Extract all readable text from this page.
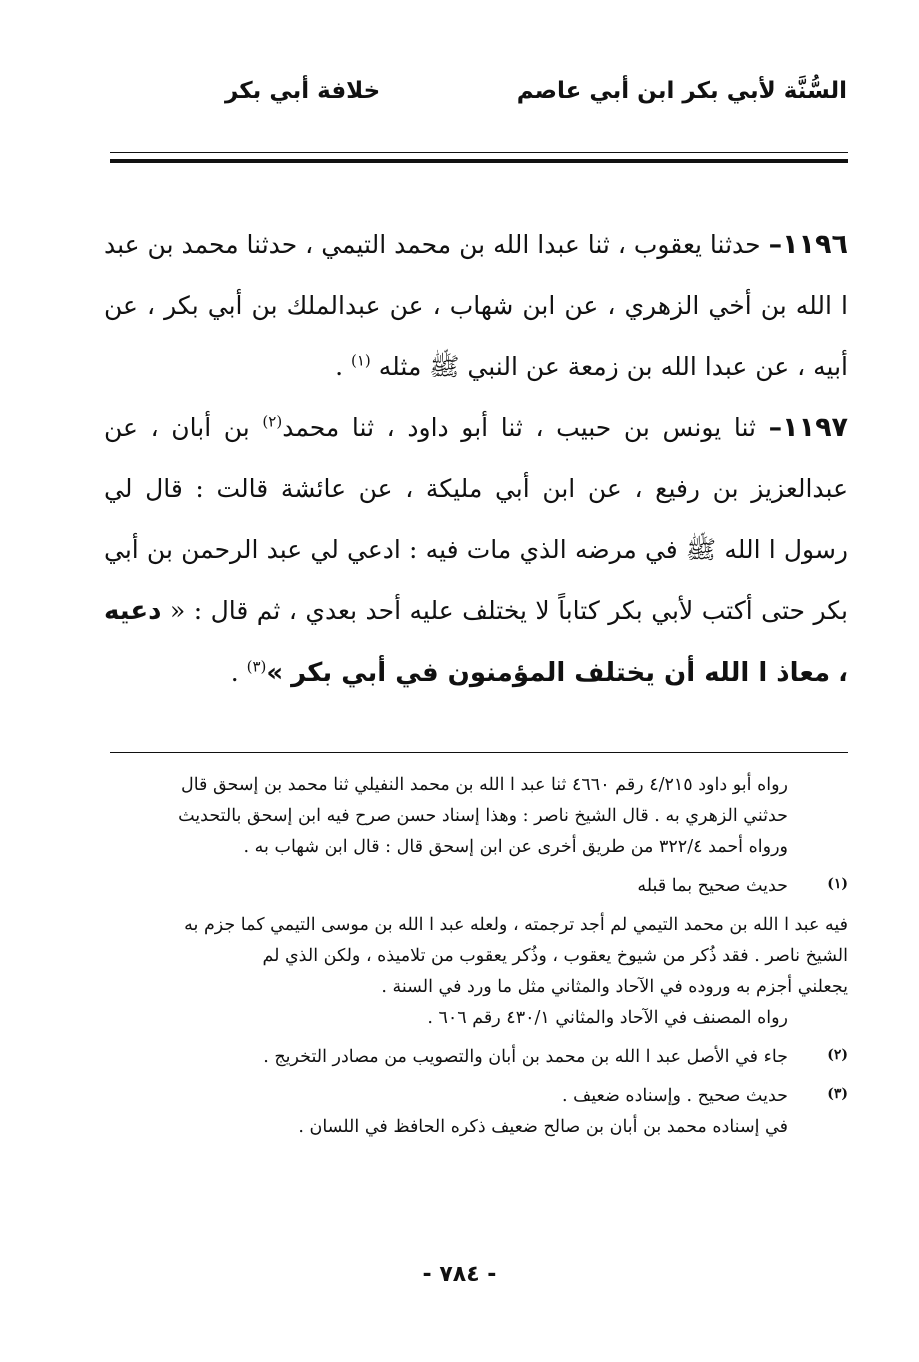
السُّنَّة لأبي بكر ابن أبي عاصم
خلافة أبي بكر

١١٩٦– حدثنا يعقوب ، ثنا عبدا الله بن محمد التيمي ، حدثنا محمد بن عبد ا الله بن أخي الزهري ، عن ابن شهاب ، عن عبدالملك بن أبي بكر ، عن أبيه ، عن عبدا الله بن زمعة عن النبي ﷺ مثله $^{(١)}$ .

١١٩٧– ثنا يونس بن حبيب ، ثنا أبو داود ، ثنا محمد$^{(٢)}$ بن أبان ، عن عبدالعزيز بن رفيع ، عن ابن أبي مليكة ، عن عائشة قالت : قال لي رسول ا الله ﷺ في مرضه الذي مات فيه : ادعي لي عبد الرحمن بن أبي بكر حتى أكتب لأبي بكر كتاباً لا يختلف عليه أحد بعدي ، ثم قال : « دعيه ، معاذ ا الله أن يختلف المؤمنون في أبي بكر »$^{(٣)}$ .

رواه أبو داود ٤/٢١٥ رقم ٤٦٦٠ ثنا عبد ا الله بن محمد النفيلي ثنا محمد بن إسحق قال

حدثني الزهري به . قال الشيخ ناصر : وهذا إسناد حسن صرح فيه ابن إسحق بالتحديث

ورواه أحمد ٣٢٢/٤ من طريق أخرى عن ابن إسحق قال : قال ابن شهاب به .

(١)

حديث صحيح بما قبله

فيه عبد ا الله بن محمد التيمي لم أجد ترجمته ، ولعله عبد ا الله بن موسى التيمي كما جزم به

الشيخ ناصر . فقد ذُكر من شيوخ يعقوب ، وذُكر يعقوب من تلاميذه ، ولكن الذي لم

يجعلني أجزم به وروده في الآحاد والمثاني مثل ما ورد في السنة .

رواه المصنف في الآحاد والمثاني ٤٣٠/١ رقم ٦٠٦ .

(٢)

جاء في الأصل عبد ا الله بن محمد بن أبان والتصويب من مصادر التخريج .

(٣)

حديث صحيح . وإسناده ضعيف .

في إسناده محمد بن أبان بن صالح ضعيف ذكره الحافظ في اللسان .

- ٧٨٤ -
